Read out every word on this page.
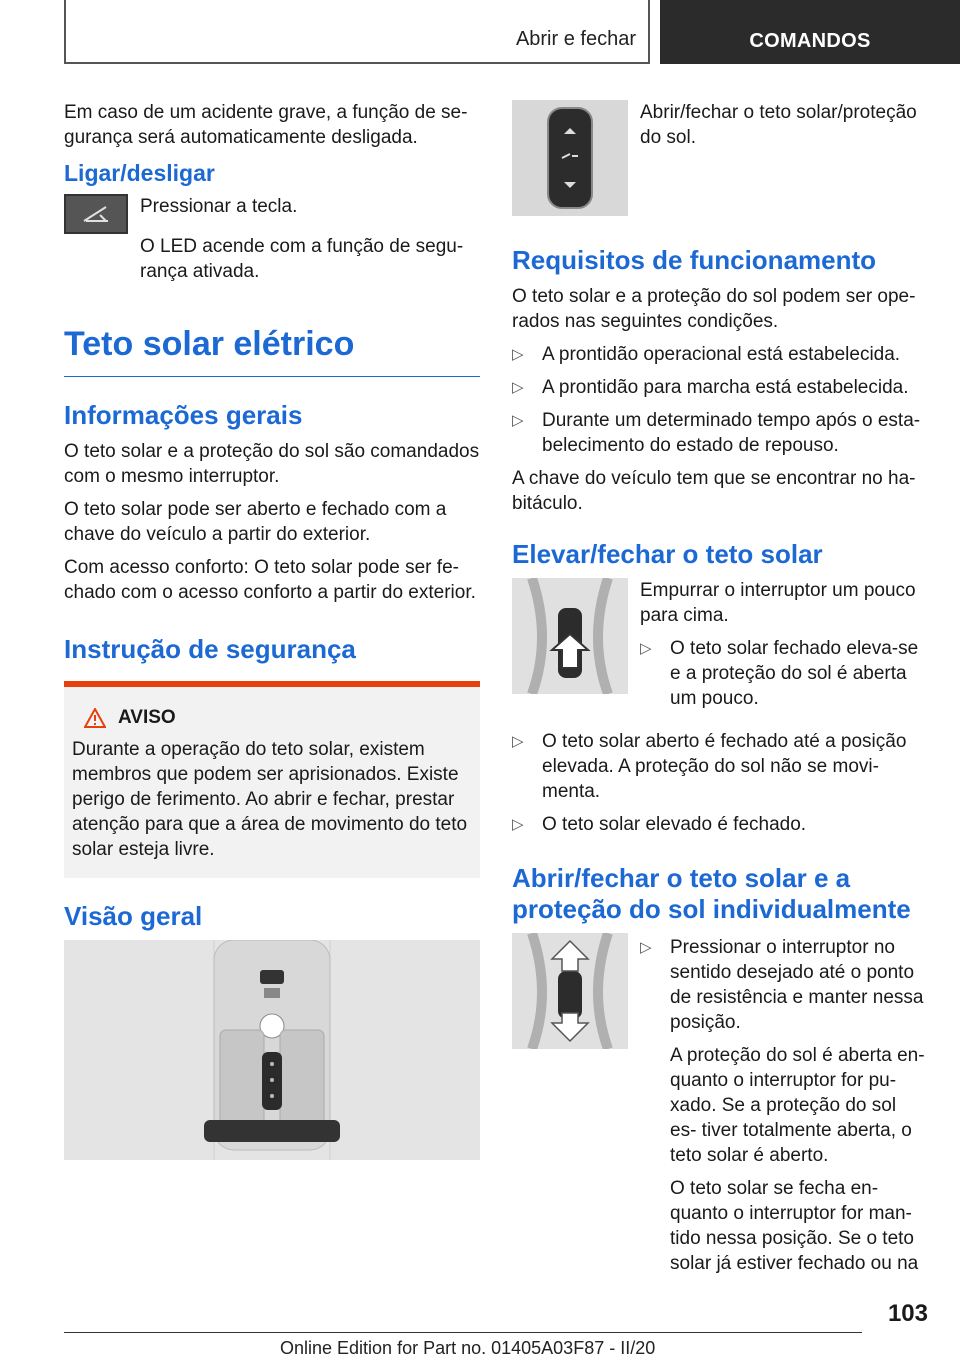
Abrir e fechar	COMANDOS

Em caso de um acidente grave, a função de se- gurança será automaticamente desligada.

Ligar/desligar

Pressionar a tecla.

O LED acende com a função de segu- rança ativada.

Teto solar elétrico
Informações gerais

O teto solar e a proteção do sol são comandados com o mesmo interruptor.

O teto solar pode ser aberto e fechado com a chave do veículo a partir do exterior.

Com acesso conforto: O teto solar pode ser fe- chado com o acesso conforto a partir do exterior.

Instrução de segurança
AVISO

Durante a operação do teto solar, existem membros que podem ser aprisionados. Existe perigo de ferimento. Ao abrir e fechar, prestar atenção para que a área de movimento do teto solar esteja livre.

Visão geral

Abrir/fechar o teto solar/proteção do sol.

Requisitos de funcionamento

O teto solar e a proteção do sol podem ser ope- rados nas seguintes condições.

▷ A prontidão operacional está estabelecida.
▷ A prontidão para marcha está estabelecida.
▷ Durante um determinado tempo após o esta- belecimento do estado de repouso.

A chave do veículo tem que se encontrar no ha- bitáculo.

Elevar/fechar o teto solar

Empurrar o interruptor um pouco para cima.

▷ O teto solar fechado eleva-se e a proteção do sol é aberta um pouco.
▷ O teto solar aberto é fechado até a posição elevada. A proteção do sol não se movi- menta.
▷ O teto solar elevado é fechado.
Abrir/fechar o teto solar e a proteção do sol individualmente
▷ Pressionar o interruptor no sentido desejado até o ponto de resistência e manter nessa posição.

A proteção do sol é aberta en- quanto o interruptor for pu- xado. Se a proteção do sol es- tiver totalmente aberta, o teto solar é aberto.

O teto solar se fecha en- quanto o interruptor for man- tido nessa posição. Se o teto solar já estiver fechado ou na

103
Online Edition for Part no. 01405A03F87 - II/20
